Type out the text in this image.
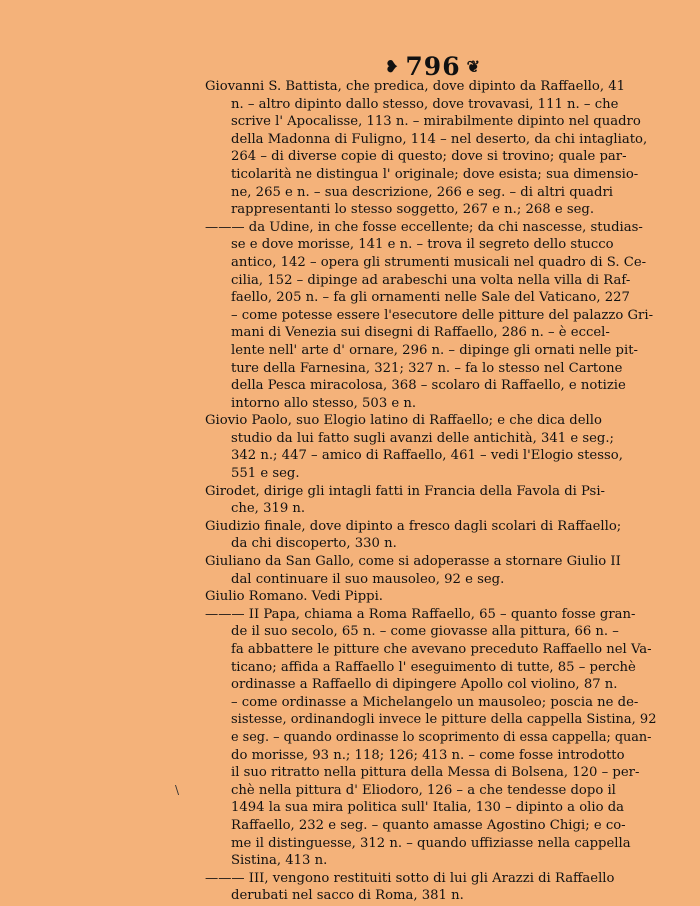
❥ 796 ❦
Giovanni S. Battista, che predica, dove dipinto da Raffaello, 41
n. – altro dipinto dallo stesso, dove trovavasi, 111 n. – che
scrive l' Apocalisse, 113 n. – mirabilmente dipinto nel quadro
della Madonna di Fuligno, 114 – nel deserto, da chi intagliato,
264 – di diverse copie di questo; dove si trovino; quale par-
ticolarità ne distingua l' originale; dove esista; sua dimensio-
ne, 265 e n. – sua descrizione, 266 e seg. – di altri quadri
rappresentanti lo stesso soggetto, 267 e n.; 268 e seg.
——— da Udine, in che fosse eccellente; da chi nascesse, studias-
se e dove morisse, 141 e n. – trova il segreto dello stucco
antico, 142 – opera gli strumenti musicali nel quadro di S. Ce-
cilia, 152 – dipinge ad arabeschi una volta nella villa di Raf-
faello, 205 n. – fa gli ornamenti nelle Sale del Vaticano, 227
– come potesse essere l'esecutore delle pitture del palazzo Gri-
mani di Venezia sui disegni di Raffaello, 286 n. – è eccel-
lente nell' arte d' ornare, 296 n. – dipinge gli ornati nelle pit-
ture della Farnesina, 321; 327 n. – fa lo stesso nel Cartone
della Pesca miracolosa, 368 – scolaro di Raffaello, e notizie
intorno allo stesso, 503 e n.
Giovio Paolo, suo Elogio latino di Raffaello; e che dica dello
studio da lui fatto sugli avanzi delle antichità, 341 e seg.;
342 n.; 447 – amico di Raffaello, 461 – vedi l'Elogio stesso,
551 e seg.
Girodet, dirige gli intagli fatti in Francia della Favola di Psi-
che, 319 n.
Giudizio finale, dove dipinto a fresco dagli scolari di Raffaello;
da chi discoperto, 330 n.
Giuliano da San Gallo, come si adoperasse a stornare Giulio II
dal continuare il suo mausoleo, 92 e seg.
Giulio Romano. Vedi Pippi.
——— II Papa, chiama a Roma Raffaello, 65 – quanto fosse gran-
de il suo secolo, 65 n. – come giovasse alla pittura, 66 n. –
fa abbattere le pitture che avevano preceduto Raffaello nel Va-
ticano; affida a Raffaello l' eseguimento di tutte, 85 – perchè
ordinasse a Raffaello di dipingere Apollo col violino, 87 n.
– come ordinasse a Michelangelo un mausoleo; poscia ne de-
sistesse, ordinandogli invece le pitture della cappella Sistina, 92
e seg. – quando ordinasse lo scoprimento di essa cappella; quan-
do morisse, 93 n.; 118; 126; 413 n. – come fosse introdotto
il suo ritratto nella pittura della Messa di Bolsena, 120 – per-
chè nella pittura d' Eliodoro, 126 – a che tendesse dopo il
1494 la sua mira politica sull' Italia, 130 – dipinto a olio da
Raffaello, 232 e seg. – quanto amasse Agostino Chigi; e co-
me il distinguesse, 312 n. – quando uffiziasse nella cappella
Sistina, 413 n.
——— III, vengono restituiti sotto di lui gli Arazzi di Raffaello
derubati nel sacco di Roma, 381 n.
\
